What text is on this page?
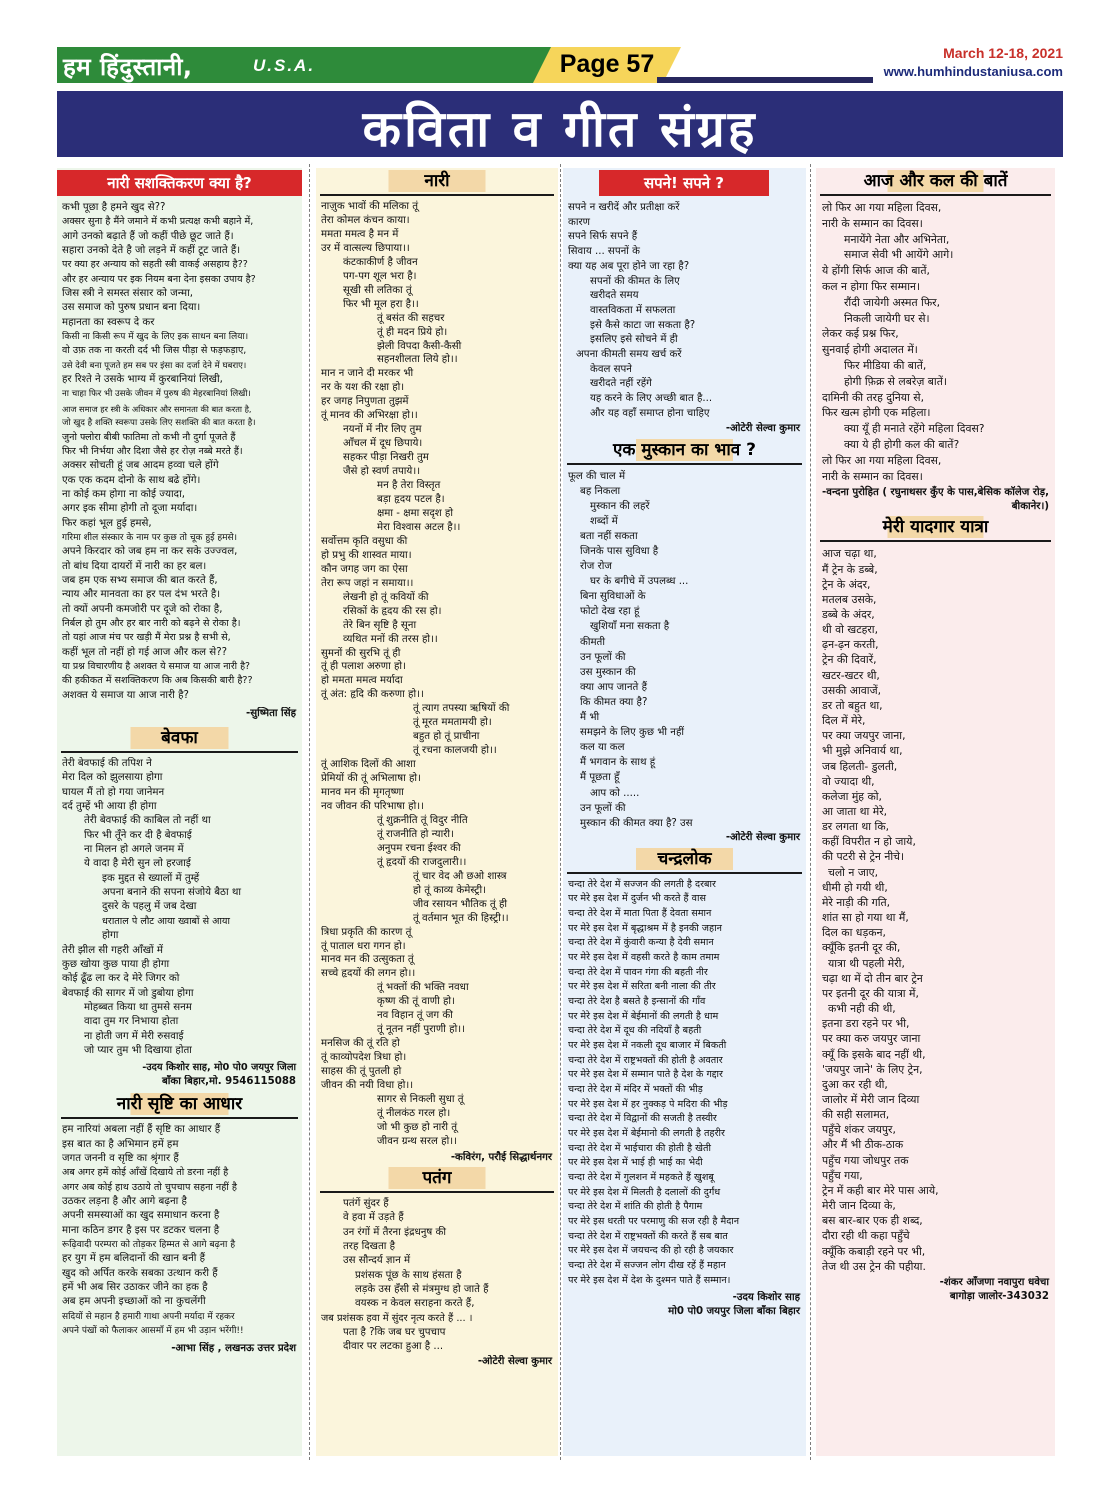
हम हिंदुस्तानी,	U.S.A.	Page 57	March 12-18, 2021
www.humhindustaniusa.com
कविता व गीत संग्रह
नारी सशक्तिकरण क्या है?
कभी पूछा है हमने खुद से??
अक्सर सुना है मैंने जमाने में कभी प्रत्यक्ष कभी बहाने में,
आगे उनको बढ़ाते हैं जो कहीं पीछे छूट जाते हैं।
सहारा उनको देते है जो लड़ने में कहीं टूट जाते हैं।
पर क्या हर अन्याय को सहती स्त्री वाकई असहाय है??
और हर अन्याय पर इक नियम बना देना इसका उपाय है?
जिस स्त्री ने समस्त संसार को जन्मा,
उस समाज को पुरुष प्रधान बना दिया।
महानता का स्वरूप दे कर
किसी ना किसी रूप में खुद के लिए इक साधन बना लिया।
वो उफ़ तक ना करती दर्द भी जिस पीड़ा से फड़फड़ाए,
उसे देवी बना पूजते हम सब पर इंसा का दर्जा देने में घबराए।
हर रिश्ते ने उसके भाग्य में कुरबानियां लिखी,
ना चाहा फिर भी उसके जीवन में पुरुष की मेहरबानियां लिखी।
आज समाज हर स्त्री के अधिकार और समानता की बात करता है,
जो खुद है शक्ति स्वरूपा उसके लिए सशक्ति की बात करता है।
जुनो फ्लोरा बीबी फातिमा तो कभी नौ दुर्गा पूजते हैं
फिर भी निर्भया और दिशा जैसे हर रोज़ नब्बे मरते हैं।
अक्सर सोचती हूं जब आदम हव्वा चले होंगे
एक एक कदम दोनो के साथ बढे होंगे।
ना कोई कम होगा ना कोई ज्यादा,
अगर इक सीमा होगी तो दूजा मर्यादा।
फिर कहां भूल हुई हमसे,
गरिमा शील संस्कार के नाम पर कुछ तो चूक हुई हमसे।
अपने किरदार को जब हम ना कर सके उज्ज्वल,
तो बांध दिया दायरों में नारी का हर बल।
जब हम एक सभ्य समाज की बात करते हैं,
न्याय और मानवता का हर पल दंभ भरते है।
तो क्यों अपनी कमजोरी पर दूजे को रोका है,
निर्बल हो तुम और हर बार नारी को बढ़ने से रोका है।
तो यहां आज मंच पर खड़ी मैं मेरा प्रश्न है सभी से,
कहीं भूल तो नहीं हो गई आज और कल से??
या प्रश्न विचारणीय है अशक्त ये समाज या आज नारी है?
की हकीकत में सशक्तिकरण कि अब किसकी बारी है??
अशक्त ये समाज या आज नारी है?
-सुष्मिता सिंह
बेवफा
तेरी बेवफाई की तपिश ने
मेरा दिल को झुलसाया होगा
घायल मैं तो हो गया जानेमन
दर्द तुम्हें भी आया ही होगा
तेरी बेवफाई की काबिल तो नहीं था
फिर भी तूँने कर दी है बेवफाई
ना मिलन हो अगले जनम में
ये वादा है मेरी सुन लो हरजाई
इक मुद्दत से ख्यालों में तुम्हें
अपना बनाने की सपना संजोये बैठा था
दुसरे के पहलु में जब देखा
धराताल पे लौट आया ख्वाबों से आया
होगा
तेरी झील सी गहरी आँखों में
कुछ खोया कुछ पाया ही होगा
कोई ढूँढ ला कर दे मेरे जिगर को
बेवफाई की सागर में जो डुबोया होगा
मोहब्बत किया था तुमसे सनम
वादा तुम गर निभाया होता
ना होती जग में मेरी रुसवाई
जो प्यार तुम भी दिखाया होता
-उदय किशोर साह, मो0 पो0 जयपुर जिला
बाँका बिहार,मो. 9546115088
नारी सृष्टि का आधार
हम नारियां अबला नहीं हैं सृष्टि का आधार हैं
इस बात का है अभिमान हमें हम
जगत जननी व सृष्टि का श्रृंगार हैं
अब अगर हमें कोई आँखें दिखाये तो डरना नहीं है
अगर अब कोई हाथ उठाये तो चुपचाप सहना नहीं है
उठकर लड़ना है और आगे बढ़ना है
अपनी समस्याओं का खुद समाधान करना है
माना कठिन डगर है इस पर डटकर चलना है
रूढ़िवादी परम्परा को तोड़कर हिम्मत से आगे बढ़ना है
हर युग में हम बलिदानों की खान बनी हैं
खुद को अर्पित करके सबका उत्थान करी हैं
हमें भी अब सिर उठाकर जीने का हक है
अब हम अपनी इच्छाओं को ना कुचलेंगी
सदियों से महान है हमारी गाथा अपनी मर्यादा में रहकर
अपने पंखों को फैलाकर आसमाँ में हम भी उड़ान भरेंगी!!
-आभा सिंह , लखनऊ उत्तर प्रदेश
नारी
नाज़ुक भावों की मलिका तूं
तेरा कोमल कंचन काया।
ममता ममत्व है मन में
उर में वात्सल्य छिपाया।।
कंटकाकीर्ण है जीवन
पग-पग शूल भरा है।
सूखी सी लतिका तूं
फिर भी मूल हरा है।।
तूं बसंत की सहचर
तूं ही मदन प्रिये हो।
झेली विपदा कैसी-कैसी
सहनशीलता लिये हो।।
मान न जाने दी मरकर भी
नर के यश की रक्षा हो।
हर जगह निपुणता तुझमें
तूं मानव की अभिरक्षा हो।।
नयनों में नीर लिए तुम
आँचल में दूध छिपाये।
सहकर पीड़ा निखरी तुम
जैसे हो स्वर्ण तपाये।।
मन है तेरा विस्तृत
बड़ा हृदय पटल है।
क्षमा - क्षमा सदृश हो
मेरा विश्वास अटल है।।
सर्वोत्तम कृति वसुधा की
हो प्रभु की शास्वत माया।
कौन जगह जग का ऐसा
तेरा रूप जहां न समाया।।
लेखनी हो तूं कवियों की
रसिकों के हृदय की रस हो।
तेरे बिन सृष्टि है सूना
व्यथित मनों की तरस हो।।
सुमनों की सुरभि तूं ही
तूं ही पलाश अरुणा हो।
हो ममता ममत्व मर्यादा
तूं अंत: हृदि की करुणा हो।।
तूं त्याग तपस्या ऋषियों की
तूं मूरत ममतामयी हो।
बहुत हो तूं प्राचीना
तूं रचना कालजयी हो।।
तूं आशिक दिलों की आशा
प्रेमियों की तूं अभिलाषा हो।
मानव मन की मृगतृष्णा
नव जीवन की परिभाषा हो।।
तूं शुक्रनीति तूं विदुर नीति
तूं राजनीति हो न्यारी।
अनुपम रचना ईश्वर की
तूं हृदयों की राजदुलारी।।
तूं चार वेद औ छओ शास्त्र
हो तूं काव्य केमेस्ट्री।
जीव रसायन भौतिक तूं ही
तूं वर्तमान भूत की हिस्ट्री।।
त्रिधा प्रकृति की कारण तूं
तूं पाताल धरा गगन हो।
मानव मन की उत्सुकता तूं
सच्चे हृदयों की लगन हो।।
तूं भक्तों की भक्ति नवधा
कृष्ण की तूं वाणी हो।
नव विहान तूं जग की
तूं नूतन नहीं पुराणी हो।।
मनसिज की तूं रति हो
तूं काव्योपदेश त्रिधा हो।
साहस की तूं पुतली हो
जीवन की नयी विधा हो।।
सागर से निकली सुधा तूं
तूं नीलकंठ गरल हो।
जो भी कुछ हो नारी तूं
जीवन ग्रन्थ सरल हो।।
-कविरंग, परौई सिद्धार्थनगर
पतंग
पतंगें सुंदर हैं
वे हवा में उड़ते हैं
उन रंगों में तैरना इंद्रधनुष की
तरह दिखता है
उस सौन्दर्य ज्ञान में
प्रशंसक पूंछ के साथ हंसता है
लड़के उस हँसी से मंत्रमुग्ध हो जाते हैं
वयस्क न केवल सराहना करते हैं,
जब प्रशंसक हवा में सुंदर नृत्य करते हैं ... ।
पता है ?कि जब घर चुपचाप
दीवार पर लटका हुआ है ...
-ओटेरी सेल्वा कुमार
सपने! सपने ?
सपने न खरीदें और प्रतीक्षा करें
कारण
सपने सिर्फ सपने हैं
सिवाय ... सपनों के
क्या यह अब पूरा होने जा रहा है?
सपनों की कीमत के लिए
खरीदते समय
वास्तविकता में सफलता
इसे कैसे काटा जा सकता है?
इसलिए इसे सोचने में ही
अपना कीमती समय खर्च करें
केवल सपने
खरीदते नहीं रहेंगे
यह करने के लिए अच्छी बात है...
और यह वहाँ समाप्त होना चाहिए
-ओटेरी सेल्वा कुमार
एक मुस्कान का भाव ?
फूल की चाल में
बह निकला
मुस्कान की लहरें
शब्दों में
बता नहीं सकता
जिनके पास सुविधा है
रोज रोज
घर के बगीचे में उपलब्ध ...
बिना सुविधाओं के
फोटो देख रहा हूं
खुशियाँ मना सकता है
कीमती
उन फूलों की
उस मुस्कान की
क्या आप जानते हैं
कि कीमत क्या है?
मैं भी
समझने के लिए कुछ भी नहीं
कल या कल
मैं भगवान के साथ हूं
मैं पूछता हूँ
आप को .....
उन फूलों की
मुस्कान की कीमत क्या है? उस
-ओटेरी सेल्वा कुमार
चन्द्रलोक
चन्दा तेरे देश में सज्जन की लगती है दरबार
पर मेरे इस देश में दुर्जन भी करते हैं वास
चन्दा तेरे देश में माता पिता हैं देवता समान
पर मेरे इस देश में बृद्धाश्रम में है इनकी जहान
चन्दा तेरे देश में कुंवारी कन्या है देवी समान
पर मेरे इस देश में वहसी करते है काम तमाम
चन्दा तेरे देश में पावन गंगा की बहती नीर
पर मेरे इस देश में सरिता बनी नाला की तीर
चन्दा तेरे देश है बसते है इन्सानों की गाँव
पर मेरे इस देश में बेईमानों की लगती है धाम
चन्दा तेरे देश में दूध की नदियाँ है बहती
पर मेरे इस देश में नकली दूध बाजार में बिकती
चन्दा तेरे देश में राष्ट्रभक्तों की होती है अवतार
पर मेरे इस देश में सम्मान पाते है देश के गद्दार
चन्दा तेरे देश में मंदिर में भक्तों की भीड़
पर मेरे इस देश में हर नुक्कड़ पे मदिरा की भीड़
चन्दा तेरे देश में विद्वानों की सजती है तस्वीर
पर मेरे इस देश में बेईमानो की लगती है तहरीर
चन्दा तेरे देश में भाईचारा की होती है खेती
पर मेरे इस देश में भाई ही भाई का भेदी
चन्दा तेरे देश में गुलशन में महकते हैं खुशबू
पर मेरे इस देश में मिलती है दलालों की दुर्गंध
चन्दा तेरे देश में शांति की होती है पैगाम
पर मेरे इस धरती पर परमाणु की सज रही है मैदान
चन्दा तेरे देश में राष्ट्रभक्तों की करते हैं सब बात
पर मेरे इस देश में जयचन्द की हो रही है जयकार
चन्दा तेरे देश में सज्जन लोग दीख रहें हैं महान
पर मेरे इस देश में देश के दुश्मन पाते हैं सम्मान।
-उदय किशोर साह
मो0 पो0 जयपुर जिला बाँका बिहार
आज और कल की बातें
लो फिर आ गया महिला दिवस,
नारी के सम्मान का दिवस।
मनायेंगे नेता और अभिनेता,
समाज सेवी भी आयेंगे आगे।
ये होंगी सिर्फ आज की बातें,
कल न होगा फिर सम्मान।
रौंदी जायेगी अस्मत फिर,
निकली जायेगी घर से।
लेकर कई प्रश्न फिर,
सुनवाई होगी अदालत में।
फिर मीडिया की बातें,
होगी फ़िक्र से लबरेज़ बातें।
दामिनी की तरह दुनिया से,
फिर खत्म होगी एक महिला।
क्या यूँ ही मनाते रहेंगे महिला दिवस?
क्या ये ही होगी कल की बातें?
लो फिर आ गया महिला दिवस,
नारी के सम्मान का दिवस।
-वन्दना पुरोहित ( रघुनाथसर कुँए के पास,बेसिक कॉलेज रोड़, बीकानेर।)
मेरी यादगार यात्रा
आज चढ़ा था,
मैं ट्रेन के डब्बे,
ट्रेन के अंदर,
मतलब उसके,
डब्बे के अंदर,
थी वो खटहरा,
ढ़न-ढ़न करती,
ट्रेन की दिवारें,
खटर-खटर थी,
उसकी आवाजें,
डर तो बहुत था,
दिल में मेरे,
पर क्या जयपुर जाना,
भी मुझे अनिवार्य था,
जब हिलती- डुलती,
वो ज्यादा थी,
कलेजा मुंह को,
आ जाता था मेरे,
डर लगता था कि,
कहीं विपरीत न हो जाये,
की पटरी से ट्रेन नीचे।
चलो न जाए,
धीमी हो गयी थी,
मेरे नाड़ी की गति,
शांत सा हो गया था मैं,
दिल का धड़कन,
क्यूँकि इतनी दूर की,
यात्रा थी पहली मेरी,
चढ़ा था में दो तीन बार ट्रेन
पर इतनी दूर की यात्रा में,
कभी नही की थी,
इतना डरा रहने पर भी,
पर क्या करु जयपुर जाना
क्यूँ कि इसके बाद नहीं थी,
'जयपुर जाने' के लिए ट्रेन,
दुआ कर रही थी,
जालोर में मेरी जान दिव्या
की सही सलामत,
पहुँचे शंकर जयपुर,
और मैं भी ठीक-ठाक
पहुँच गया जोधपुर तक
पहुँच गया,
ट्रेन में कही बार मेरे पास आये,
मेरी जान दिव्या के,
बस बार-बार एक ही शब्द,
दौरा रही थी कहा पहुँचे
क्यूँकि कबाड़ी रहने पर भी,
तेज थी उस ट्रेन की पहीया.
-शंकर आँजणा नवापुरा धवेचा
बागोड़ा जालोर-343032
